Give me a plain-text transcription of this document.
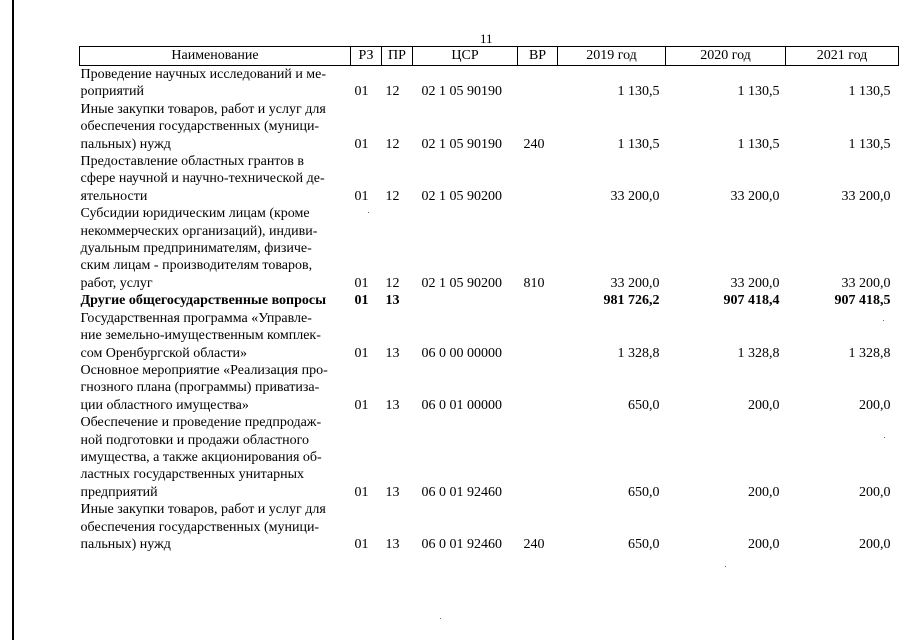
11
Наименование	РЗ	ПР	ЦСР	ВР	2019 год	2020 год	2021 год
Проведение научных исследований и ме-
роприятий	01	12	02 1 05 90190		1 130,5	1 130,5	1 130,5
Иные закупки товаров, работ и услуг для
обеспечения государственных (муници-
пальных) нужд	01	12	02 1 05 90190	240	1 130,5	1 130,5	1 130,5
Предоставление областных грантов в
сфере научной и научно-технической де-
ятельности	01	12	02 1 05 90200		33 200,0	33 200,0	33 200,0
Субсидии юридическим лицам (кроме
некоммерческих организаций), индиви-
дуальным предпринимателям, физиче-
ским лицам - производителям товаров,
работ, услуг	01	12	02 1 05 90200	810	33 200,0	33 200,0	33 200,0
Другие общегосударственные вопросы	01	13			981 726,2	907 418,4	907 418,5
Государственная программа «Управле-
ние земельно-имущественным комплек-
сом Оренбургской области»	01	13	06 0 00 00000		1 328,8	1 328,8	1 328,8
Основное мероприятие «Реализация про-
гнозного плана (программы) приватиза-
ции областного имущества»	01	13	06 0 01 00000		650,0	200,0	200,0
Обеспечение и проведение предпродаж-
ной подготовки и продажи областного
имущества, а также акционирования об-
ластных государственных унитарных
предприятий	01	13	06 0 01 92460		650,0	200,0	200,0
Иные закупки товаров, работ и услуг для
обеспечения государственных (муници-
пальных) нужд	01	13	06 0 01 92460	240	650,0	200,0	200,0
